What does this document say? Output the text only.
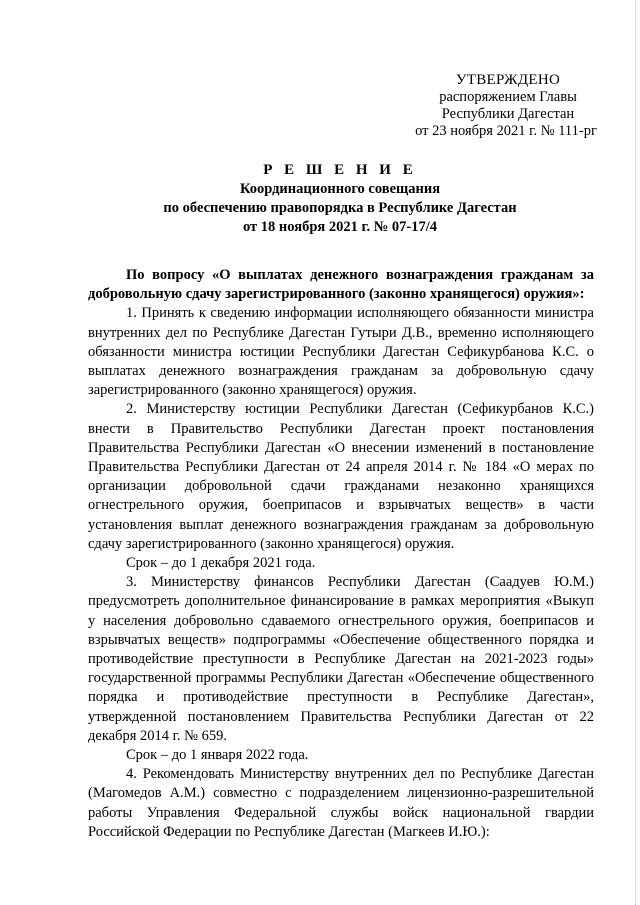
УТВЕРЖДЕНО
распоряжением Главы
Республики Дагестан
от 23 ноября 2021 г. № 111-рг
Р Е Ш Е Н И Е
Координационного совещания
по обеспечению правопорядка в Республике Дагестан
от 18 ноября 2021 г. № 07-17/4

По вопросу «О выплатах денежного вознаграждения гражданам за добровольную сдачу зарегистрированного (законно хранящегося) оружия»:

1. Принять к сведению информации исполняющего обязанности министра внутренних дел по Республике Дагестан Гутыри Д.В., временно исполняющего обязанности министра юстиции Республики Дагестан Сефикурбанова К.С. о выплатах денежного вознаграждения гражданам за добровольную сдачу зарегистрированного (законно хранящегося) оружия.

2. Министерству юстиции Республики Дагестан (Сефикурбанов К.С.) внести в Правительство Республики Дагестан проект постановления Правительства Республики Дагестан «О внесении изменений в постановление Правительства Республики Дагестан от 24 апреля 2014 г. № 184 «О мерах по организации добровольной сдачи гражданами незаконно хранящихся огнестрельного оружия, боеприпасов и взрывчатых веществ» в части установления выплат денежного вознаграждения гражданам за добровольную сдачу зарегистрированного (законно хранящегося) оружия.

Срок – до 1 декабря 2021 года.

3. Министерству финансов Республики Дагестан (Саадуев Ю.М.) предусмотреть дополнительное финансирование в рамках мероприятия «Выкуп у населения добровольно сдаваемого огнестрельного оружия, боеприпасов и взрывчатых веществ» подпрограммы «Обеспечение общественного порядка и противодействие преступности в Республике Дагестан на 2021-2023 годы» государственной программы Республики Дагестан «Обеспечение общественного порядка и противодействие преступности в Республике Дагестан», утвержденной постановлением Правительства Республики Дагестан от 22 декабря 2014 г. № 659.

Срок – до 1 января 2022 года.

4. Рекомендовать Министерству внутренних дел по Республике Дагестан (Магомедов А.М.) совместно с подразделением лицензионно-разрешительной работы Управления Федеральной службы войск национальной гвардии Российской Федерации по Республике Дагестан (Магкеев И.Ю.):
